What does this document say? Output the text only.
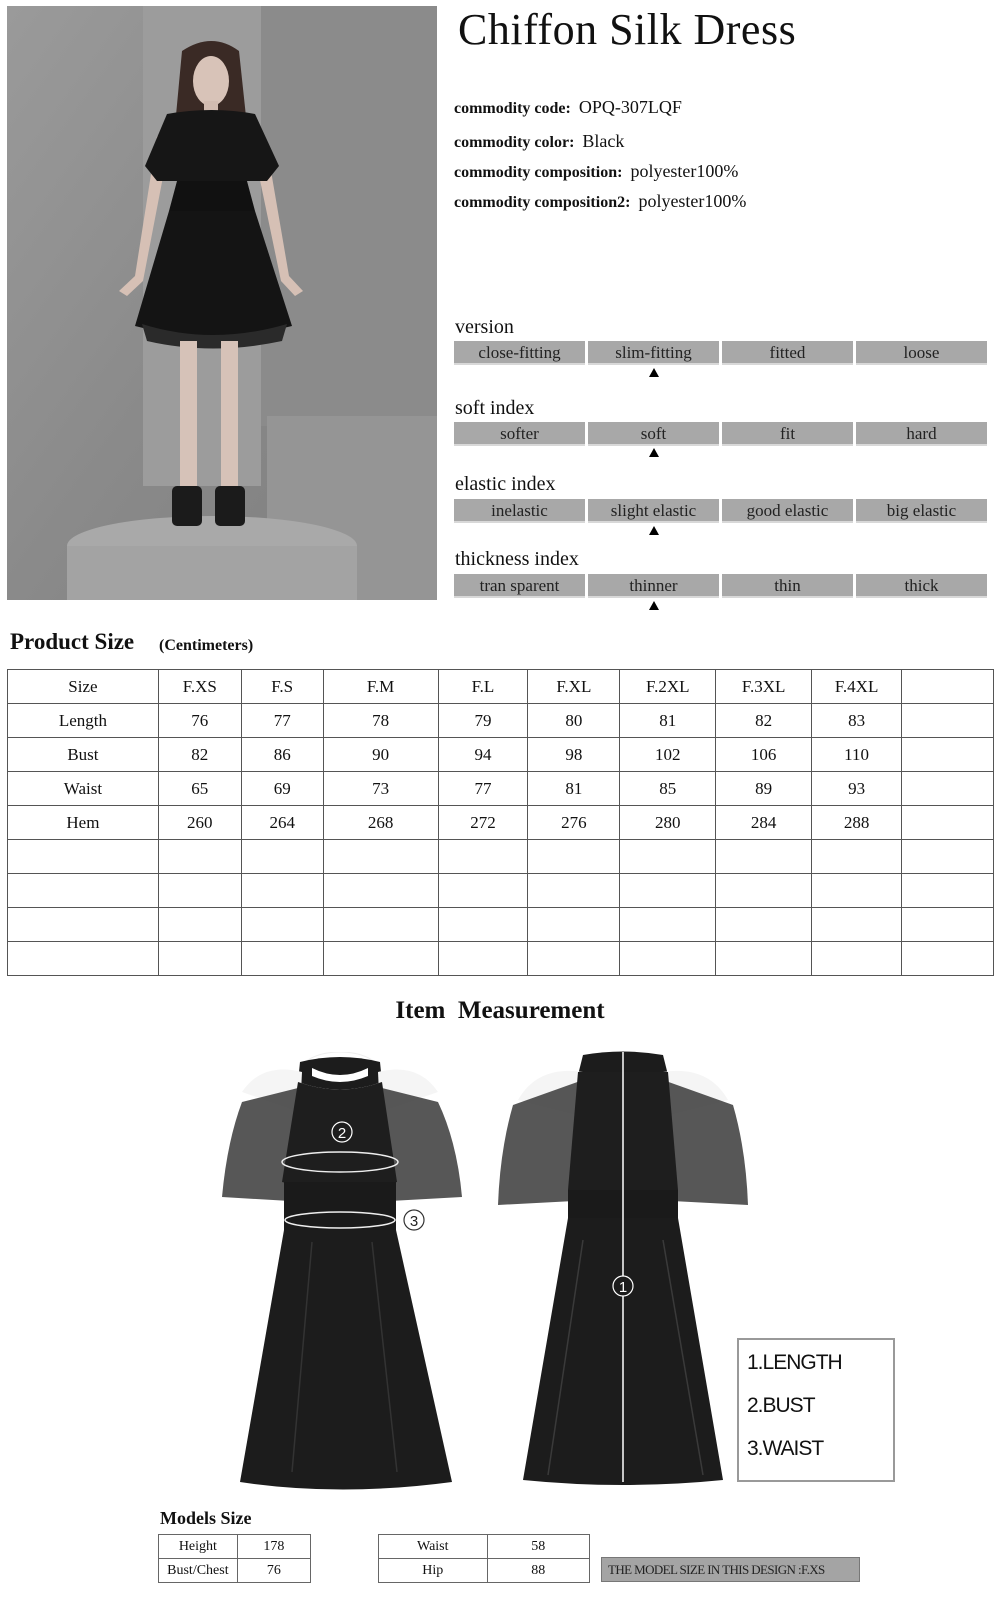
Chiffon Silk Dress
commodity code: OPQ-307LQF
commodity color: Black
commodity composition: polyester100%
commodity composition2: polyester100%
version
close-fitting	slim-fitting	fitted	loose
soft index
softer	soft	fit	hard
elastic index
inelastic	slight elastic	good elastic	big elastic
thickness index
tran sparent	thinner	thin	thick
Product Size (Centimeters)
Size	F.XS	F.S	F.M	F.L	F.XL	F.2XL	F.3XL	F.4XL	
Length	76	77	78	79	80	81	82	83	
Bust	82	86	90	94	98	102	106	110	
Waist	65	69	73	77	81	85	89	93	
Hem	260	264	268	272	276	280	284	288	

Item  Measurement
2
3
1
1.LENGTH
2.BUST
3.WAIST
Models Size
Height	178
Bust/Chest	76
Waist	58
Hip	88	THE MODEL SIZE IN THIS DESIGN :F.XS
